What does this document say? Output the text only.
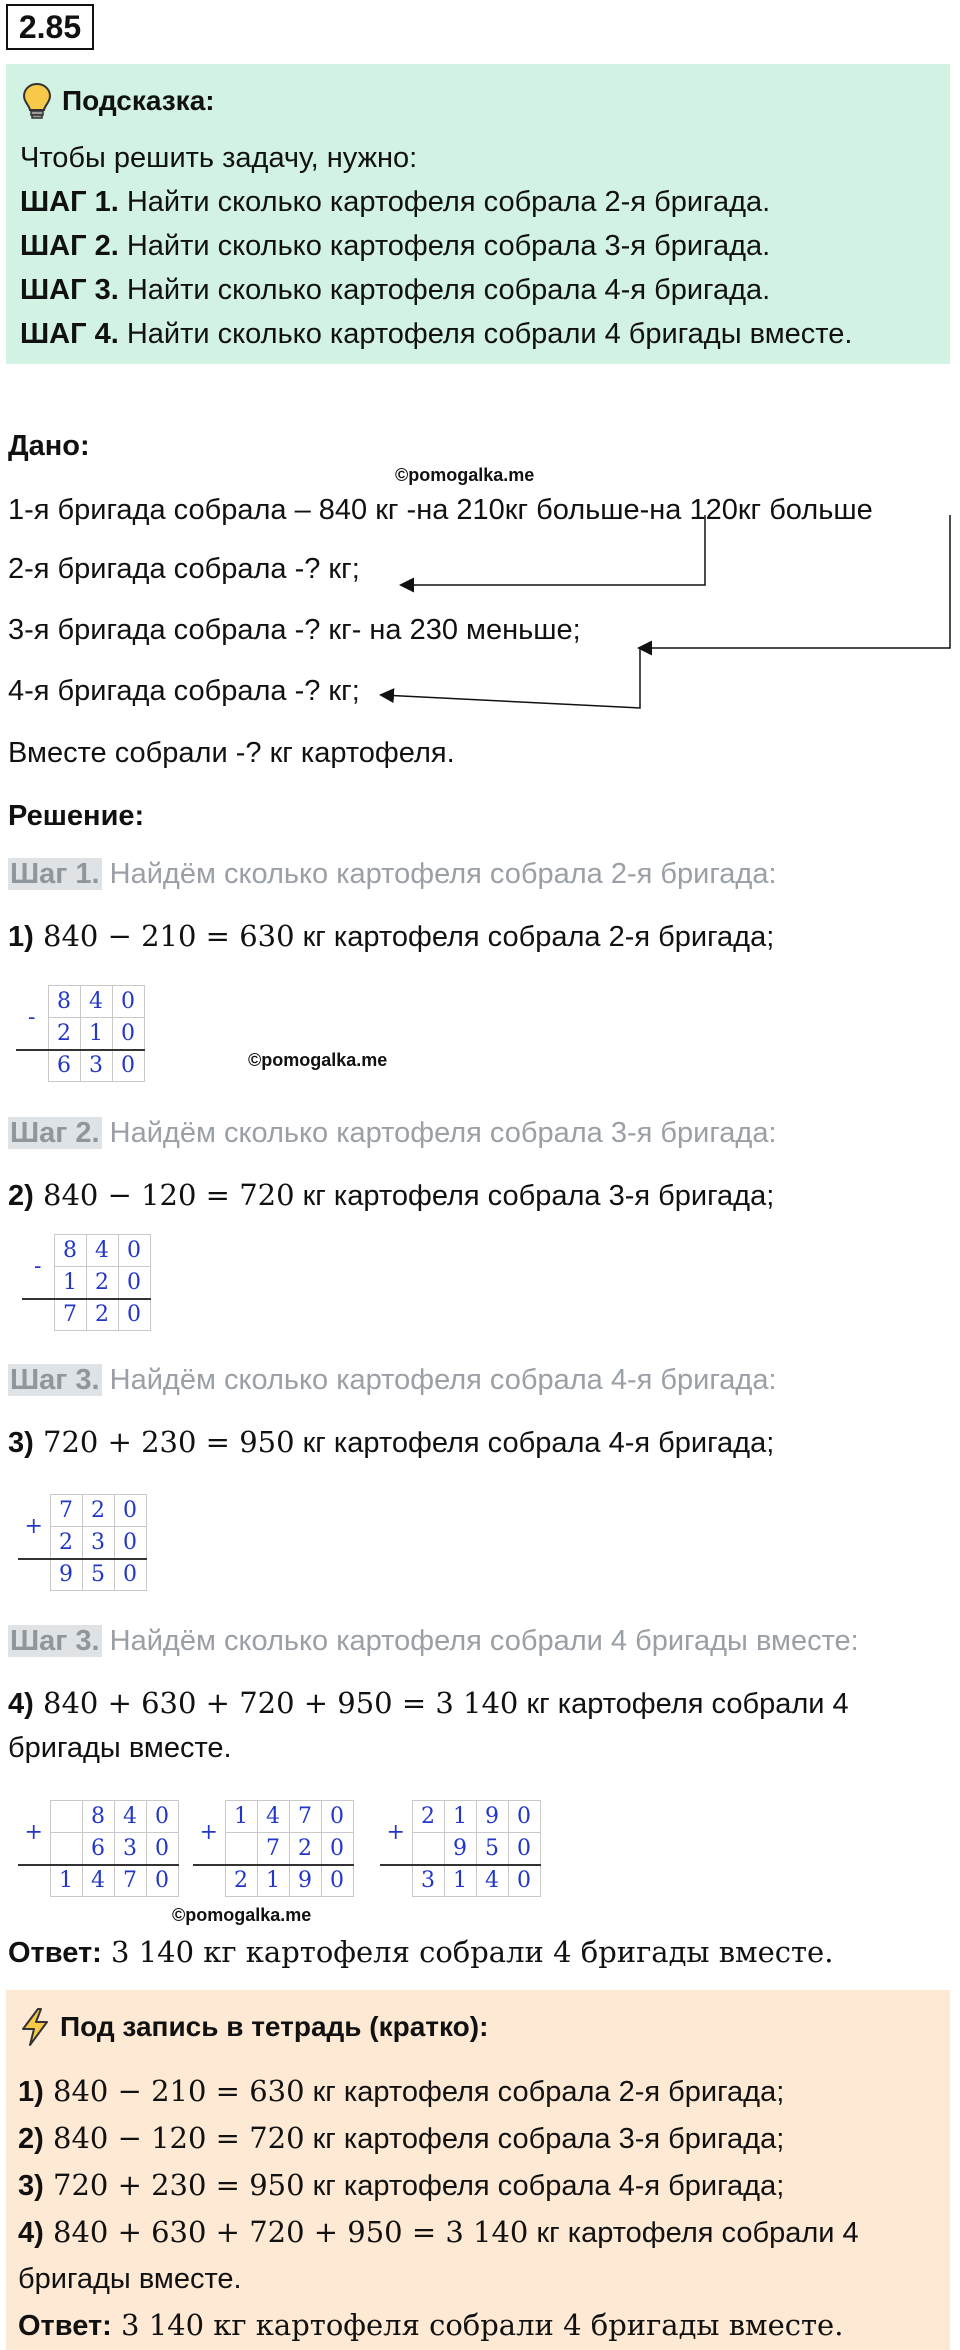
2.85
Подсказка:
Чтобы решить задачу, нужно:
ШАГ 1. Найти сколько картофеля собрала 2-я бригада.
ШАГ 2. Найти сколько картофеля собрала 3-я бригада.
ШАГ 3. Найти сколько картофеля собрала 4-я бригада.
ШАГ 4. Найти сколько картофеля собрали 4 бригады вместе.
Дано:
©pomogalka.me
1-я бригада собрала – 840 кг -на 210кг больше-на 120кг больше
2-я бригада собрала -? кг;
3-я бригада собрала -? кг- на 230 меньше;
4-я бригада собрала -? кг;
Вместе собрали -? кг картофеля.
Решение:
Шаг 1. Найдём сколько картофеля собрала 2-я бригада:
1) 840 − 210 = 630 кг картофеля собрала 2-я бригада;
-	8	4	0
	2	1	0
	6	3	0	©pomogalka.me
Шаг 2. Найдём сколько картофеля собрала 3-я бригада:
2) 840 − 120 = 720 кг картофеля собрала 3-я бригада;
-	8	4	0
	1	2	0
	7	2	0
Шаг 3. Найдём сколько картофеля собрала 4-я бригада:
3) 720 + 230 = 950 кг картофеля собрала 4-я бригада;
+	7	2	0
	2	3	0
	9	5	0
Шаг 3. Найдём сколько картофеля собрали 4 бригады вместе:
4) 840 + 630 + 720 + 950 = 3 140 кг картофеля собрали 4 бригады вместе.
+		8	4	0
		6	3	0
	1	4	7	0
+	1	4	7	0
		7	2	0
	2	1	9	0
+	2	1	9	0
		9	5	0
	3	1	4	0
©pomogalka.me
Ответ: 3 140 кг картофеля собрали 4 бригады вместе.
Под запись в тетрадь (кратко):
1) 840 − 210 = 630 кг картофеля собрала 2-я бригада;
2) 840 − 120 = 720 кг картофеля собрала 3-я бригада;
3) 720 + 230 = 950 кг картофеля собрала 4-я бригада;
4) 840 + 630 + 720 + 950 = 3 140 кг картофеля собрали 4 бригады вместе.
Ответ: 3 140 кг картофеля собрали 4 бригады вместе.
